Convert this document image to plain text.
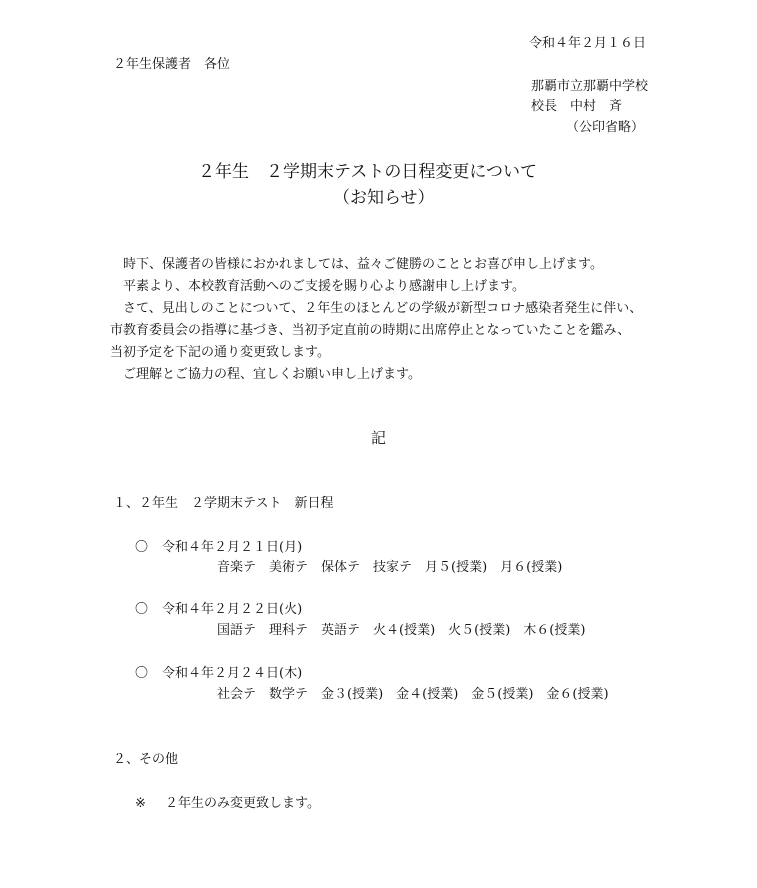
令和４年２月１６日
２年生保護者　各位
那覇市立那覇中学校
校長　中村　斉
（公印省略）
２年生　２学期末テストの日程変更について
（お知らせ）
　時下、保護者の皆様におかれましては、益々ご健勝のこととお喜び申し上げます。
　平素より、本校教育活動へのご支援を賜り心より感謝申し上げます。
　さて、見出しのことについて、２年生のほとんどの学級が新型コロナ感染者発生に伴い、
市教育委員会の指導に基づき、当初予定直前の時期に出席停止となっていたことを鑑み、
当初予定を下記の通り変更致します。
　ご理解とご協力の程、宜しくお願い申し上げます。
記
１、２年生　２学期末テスト　新日程
〇 令和４年２月２１日(月)
音楽テ　美術テ　保体テ　技家テ　月５(授業)　月６(授業)
〇 令和４年２月２２日(火)
国語テ　理科テ　英語テ　火４(授業)　火５(授業)　木６(授業)
〇 令和４年２月２４日(木)
社会テ　数学テ　金３(授業)　金４(授業)　金５(授業)　金６(授業)
２、その他
※ ２年生のみ変更致します。
